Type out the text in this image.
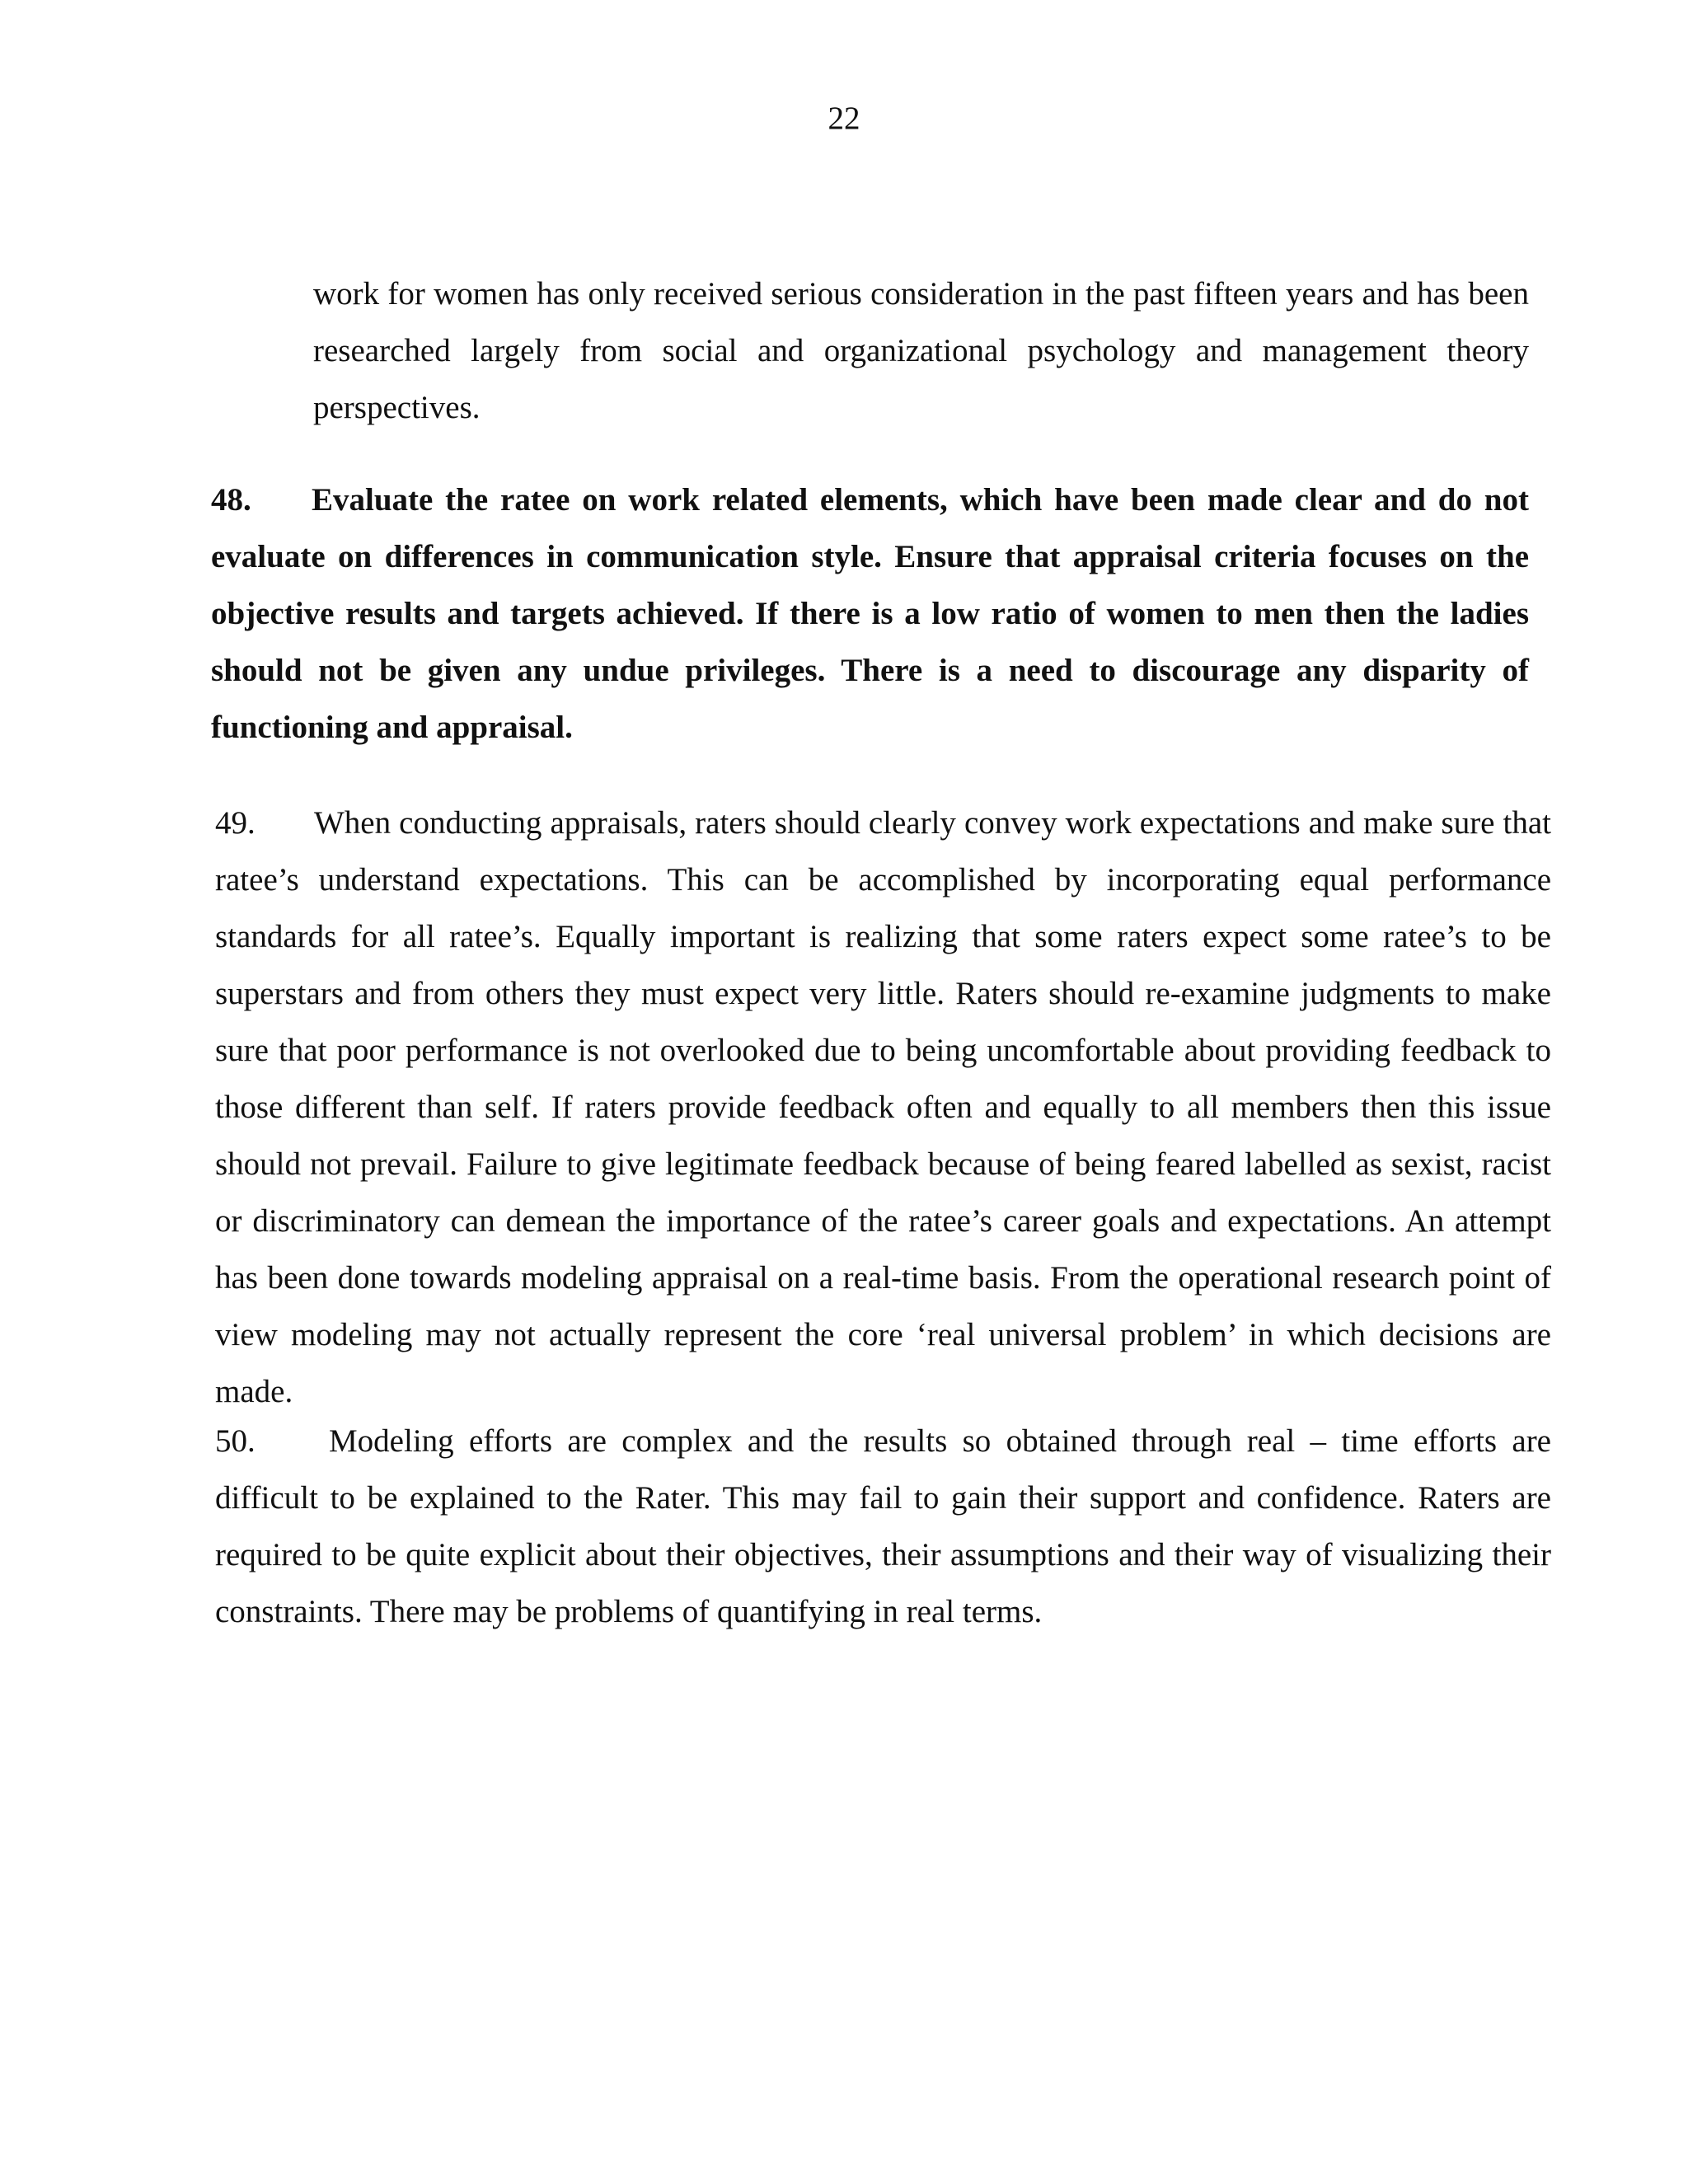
22

work for women has only received serious consideration in the past fifteen years and has been researched largely from social and organizational psychology and management theory perspectives.

48. Evaluate the ratee on work related elements, which have been made clear and do not evaluate on differences in communication style. Ensure that appraisal criteria focuses on the objective results and targets achieved. If there is a low ratio of women to men then the ladies should not be given any undue privileges. There is a need to discourage any disparity of functioning and appraisal.

49. When conducting appraisals, raters should clearly convey work expectations and make sure that ratee’s understand expectations. This can be accomplished by incorporating equal performance standards for all ratee’s. Equally important is realizing that some raters expect some ratee’s to be superstars and from others they must expect very little. Raters should re-examine judgments to make sure that poor performance is not overlooked due to being uncomfortable about providing feedback to those different than self. If raters provide feedback often and equally to all members then this issue should not prevail. Failure to give legitimate feedback because of being feared labelled as sexist, racist or discriminatory can demean the importance of the ratee’s career goals and expectations. An attempt has been done towards modeling appraisal on a real-time basis. From the operational research point of view modeling may not actually represent the core ‘real universal problem’ in which decisions are made.

50. Modeling efforts are complex and the results so obtained through real – time efforts are difficult to be explained to the Rater. This may fail to gain their support and confidence. Raters are required to be quite explicit about their objectives, their assumptions and their way of visualizing their constraints. There may be problems of quantifying in real terms.
